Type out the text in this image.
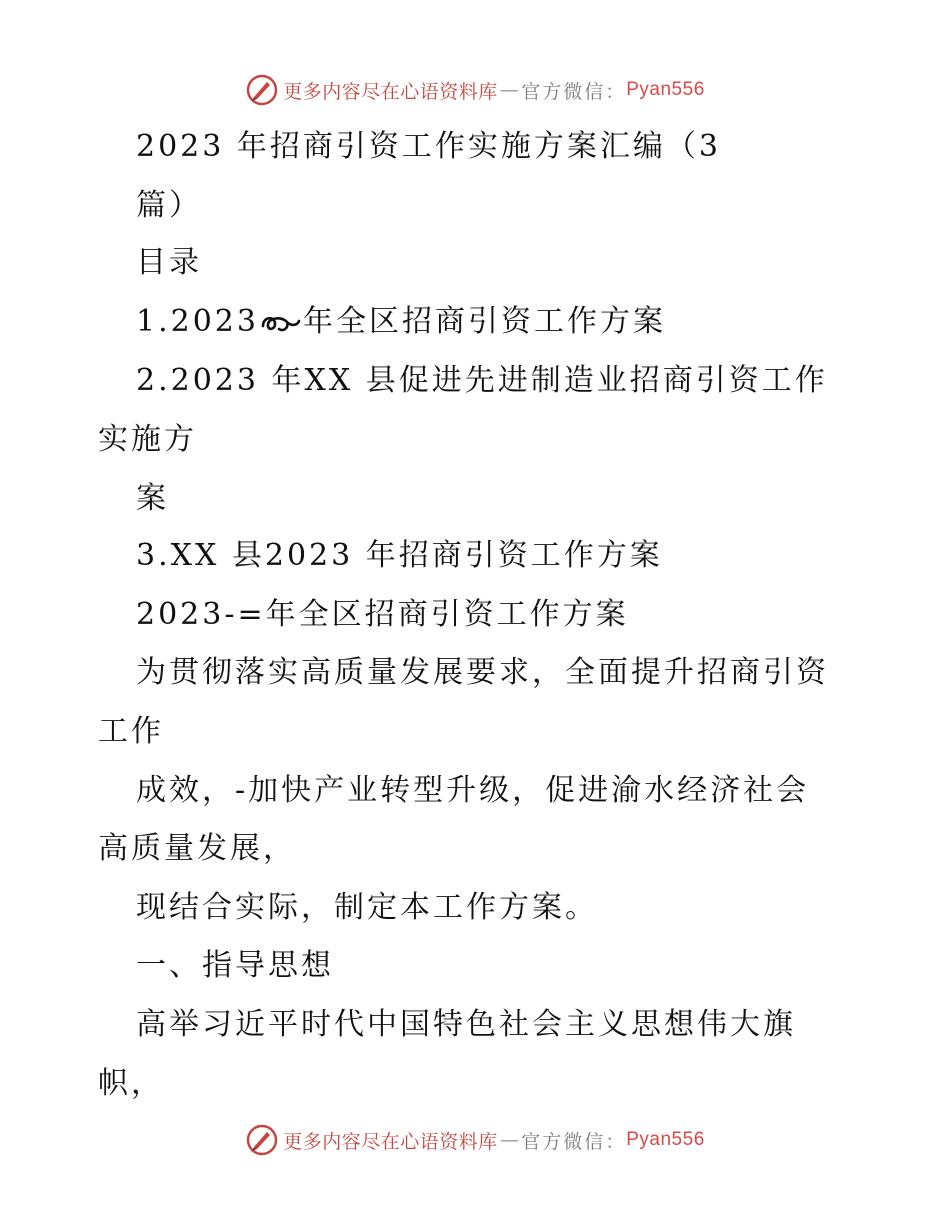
更多内容尽在心语资料库 — 官方微信： Pyan556
2023 年招商引资工作实施方案汇编（3
篇）
目录
1.2023 年全区招商引资工作方案
2.2023 年XX 县促进先进制造业招商引资工作
实施方
案
3.XX 县2023 年招商引资工作方案
2023-=年全区招商引资工作方案
为贯彻落实高质量发展要求，全面提升招商引资
工作
成效，-加快产业转型升级，促进渝水经济社会
高质量发展，
现结合实际，制定本工作方案。
一、指导思想
高举习近平时代中国特色社会主义思想伟大旗
帜，
更多内容尽在心语资料库 — 官方微信： Pyan556
